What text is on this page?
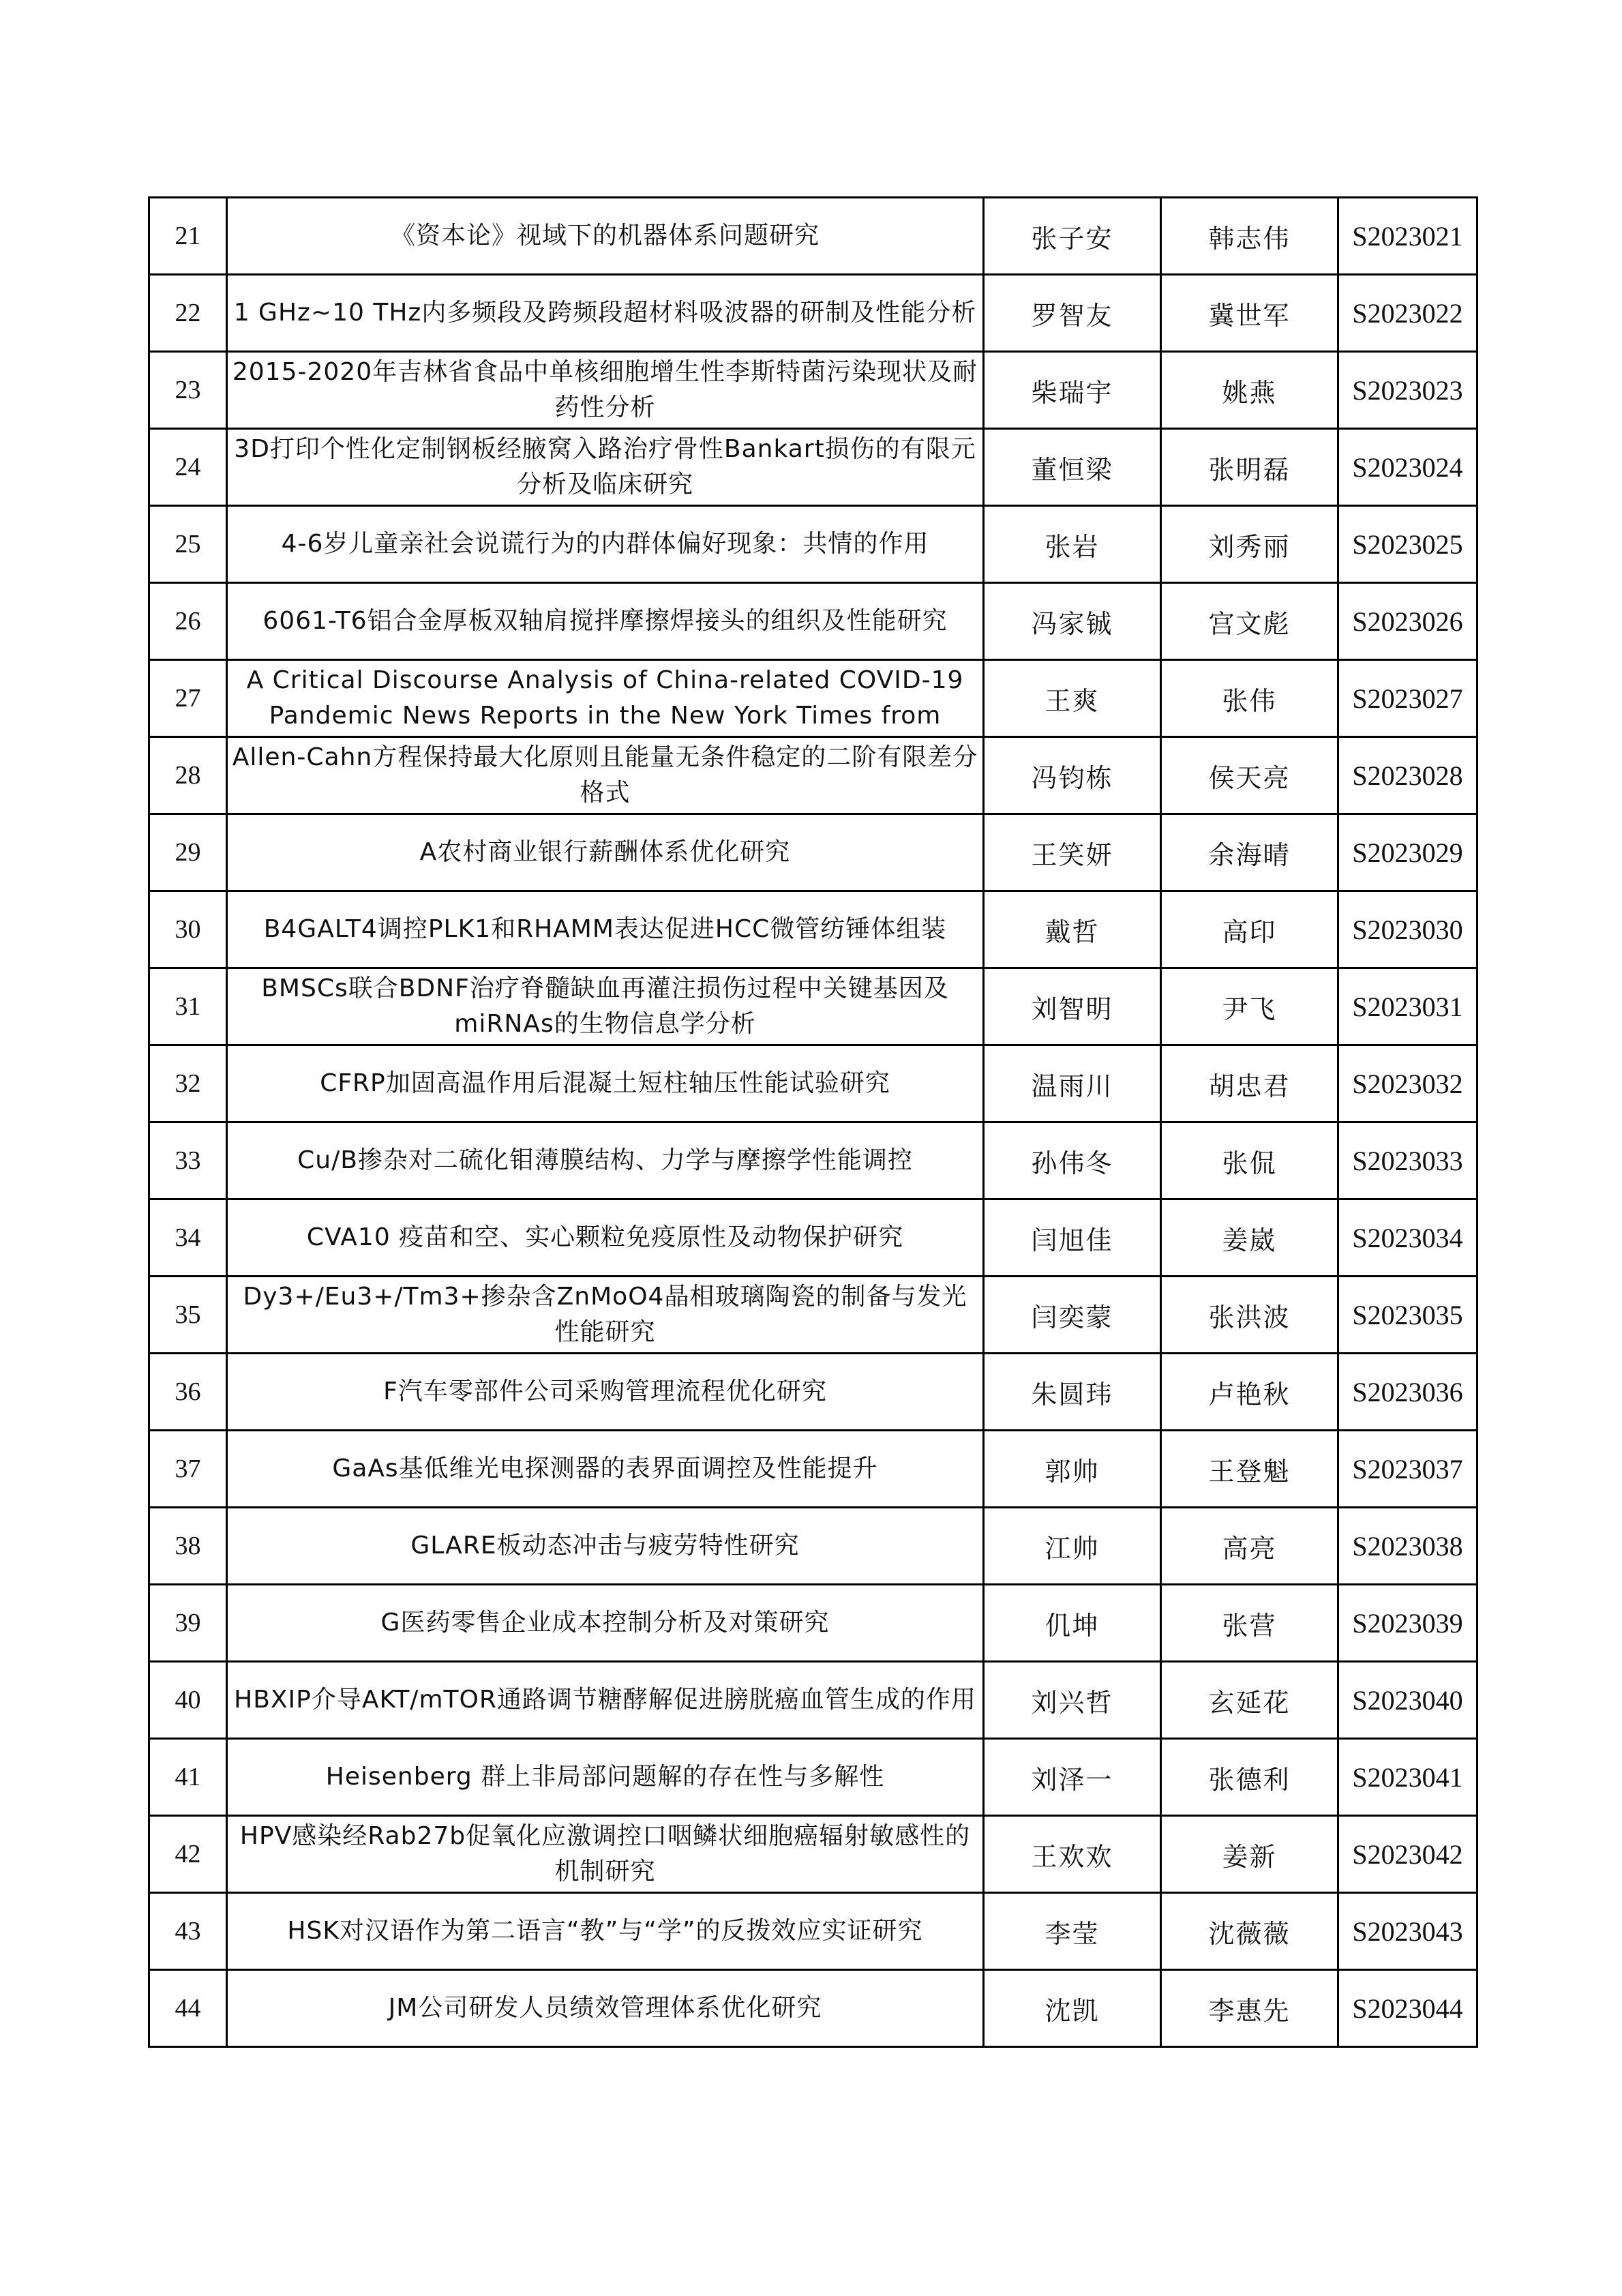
21	《资本论》视域下的机器体系问题研究	张子安	韩志伟	S2023021
22	1 GHz~10 THz内多频段及跨频段超材料吸波器的研制及性能分析	罗智友	冀世军	S2023022
23	2015-2020年吉林省食品中单核细胞增生性李斯特菌污染现状及耐药性分析	柴瑞宇	姚燕	S2023023
24	3D打印个性化定制钢板经腋窝入路治疗骨性Bankart损伤的有限元分析及临床研究	董恒梁	张明磊	S2023024
25	4-6岁儿童亲社会说谎行为的内群体偏好现象：共情的作用	张岩	刘秀丽	S2023025
26	6061-T6铝合金厚板双轴肩搅拌摩擦焊接头的组织及性能研究	冯家铖	宫文彪	S2023026
27	A Critical Discourse Analysis of China-related COVID-19 Pandemic News Reports in the New York Times from	王爽	张伟	S2023027
28	Allen-Cahn方程保持最大化原则且能量无条件稳定的二阶有限差分格式	冯钧栋	侯天亮	S2023028
29	A农村商业银行薪酬体系优化研究	王笑妍	余海晴	S2023029
30	B4GALT4调控PLK1和RHAMM表达促进HCC微管纺锤体组装	戴哲	高印	S2023030
31	BMSCs联合BDNF治疗脊髓缺血再灌注损伤过程中关键基因及miRNAs的生物信息学分析	刘智明	尹飞	S2023031
32	CFRP加固高温作用后混凝土短柱轴压性能试验研究	温雨川	胡忠君	S2023032
33	Cu/B掺杂对二硫化钼薄膜结构、力学与摩擦学性能调控	孙伟冬	张侃	S2023033
34	CVA10 疫苗和空、实心颗粒免疫原性及动物保护研究	闫旭佳	姜崴	S2023034
35	Dy3+/Eu3+/Tm3+掺杂含ZnMoO4晶相玻璃陶瓷的制备与发光性能研究	闫奕蒙	张洪波	S2023035
36	F汽车零部件公司采购管理流程优化研究	朱圆玮	卢艳秋	S2023036
37	GaAs基低维光电探测器的表界面调控及性能提升	郭帅	王登魁	S2023037
38	GLARE板动态冲击与疲劳特性研究	江帅	高亮	S2023038
39	G医药零售企业成本控制分析及对策研究	仉坤	张营	S2023039
40	HBXIP介导AKT/mTOR通路调节糖酵解促进膀胱癌血管生成的作用	刘兴哲	玄延花	S2023040
41	Heisenberg 群上非局部问题解的存在性与多解性	刘泽一	张德利	S2023041
42	HPV感染经Rab27b促氧化应激调控口咽鳞状细胞癌辐射敏感性的机制研究	王欢欢	姜新	S2023042
43	HSK对汉语作为第二语言“教”与“学”的反拨效应实证研究	李莹	沈薇薇	S2023043
44	JM公司研发人员绩效管理体系优化研究	沈凯	李惠先	S2023044
